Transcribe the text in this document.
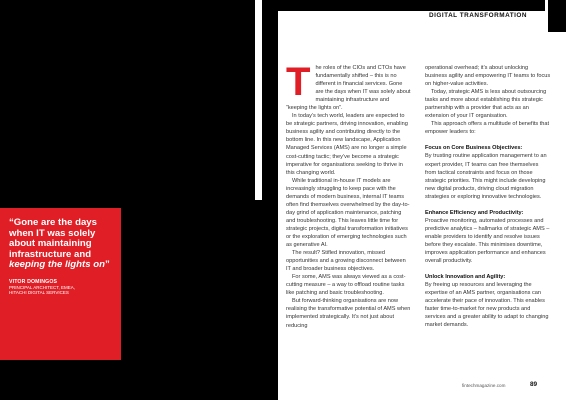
“Gone are the days when IT was solely about maintaining infrastructure and keeping the lights on”
VITOR DOMINGOS
PRINCIPAL ARCHITECT, EMEA,
HITACHI DIGITAL SERVICES
DIGITAL TRANSFORMATION
T he roles of the CIOs and CTOs have fundamentally shifted – this is no different in financial services. Gone are the days when IT was solely about maintaining infrastructure and “keeping the lights on”.

In today’s tech world, leaders are expected to be strategic partners, driving innovation, enabling business agility and contributing directly to the bottom line. In this new landscape, Application Managed Services (AMS) are no longer a simple cost-cutting tactic; they’ve become a strategic imperative for organisations seeking to thrive in this changing world.

While traditional in-house IT models are increasingly struggling to keep pace with the demands of modern business, internal IT teams often find themselves overwhelmed by the day-to-day grind of application maintenance, patching and troubleshooting. This leaves little time for strategic projects, digital transformation initiatives or the exploration of emerging technologies such as generative AI.

The result? Stifled innovation, missed opportunities and a growing disconnect between IT and broader business objectives.

For some, AMS was always viewed as a cost-cutting measure – a way to offload routine tasks like patching and basic troubleshooting.

But forward-thinking organisations are now realising the transformative potential of AMS when implemented strategically. It’s not just about reducing

operational overhead; it’s about unlocking business agility and empowering IT teams to focus on higher-value activities.

Today, strategic AMS is less about outsourcing tasks and more about establishing this strategic partnership with a provider that acts as an extension of your IT organisation.

This approach offers a multitude of benefits that empower leaders to:

Focus on Core Business Objectives:

By trusting routine application management to an expert provider, IT teams can free themselves from tactical constraints and focus on those strategic priorities. This might include developing new digital products, driving cloud migration strategies or exploring innovative technologies.

Enhance Efficiency and Productivity:

Proactive monitoring, automated processes and predictive analytics – hallmarks of strategic AMS – enable providers to identify and resolve issues before they escalate. This minimises downtime, improves application performance and enhances overall productivity.

Unlock Innovation and Agility:

By freeing up resources and leveraging the expertise of an AMS partner, organisations can accelerate their pace of innovation. This enables faster time-to-market for new products and services and a greater ability to adapt to changing market demands.

fintechmagazine.com	89
